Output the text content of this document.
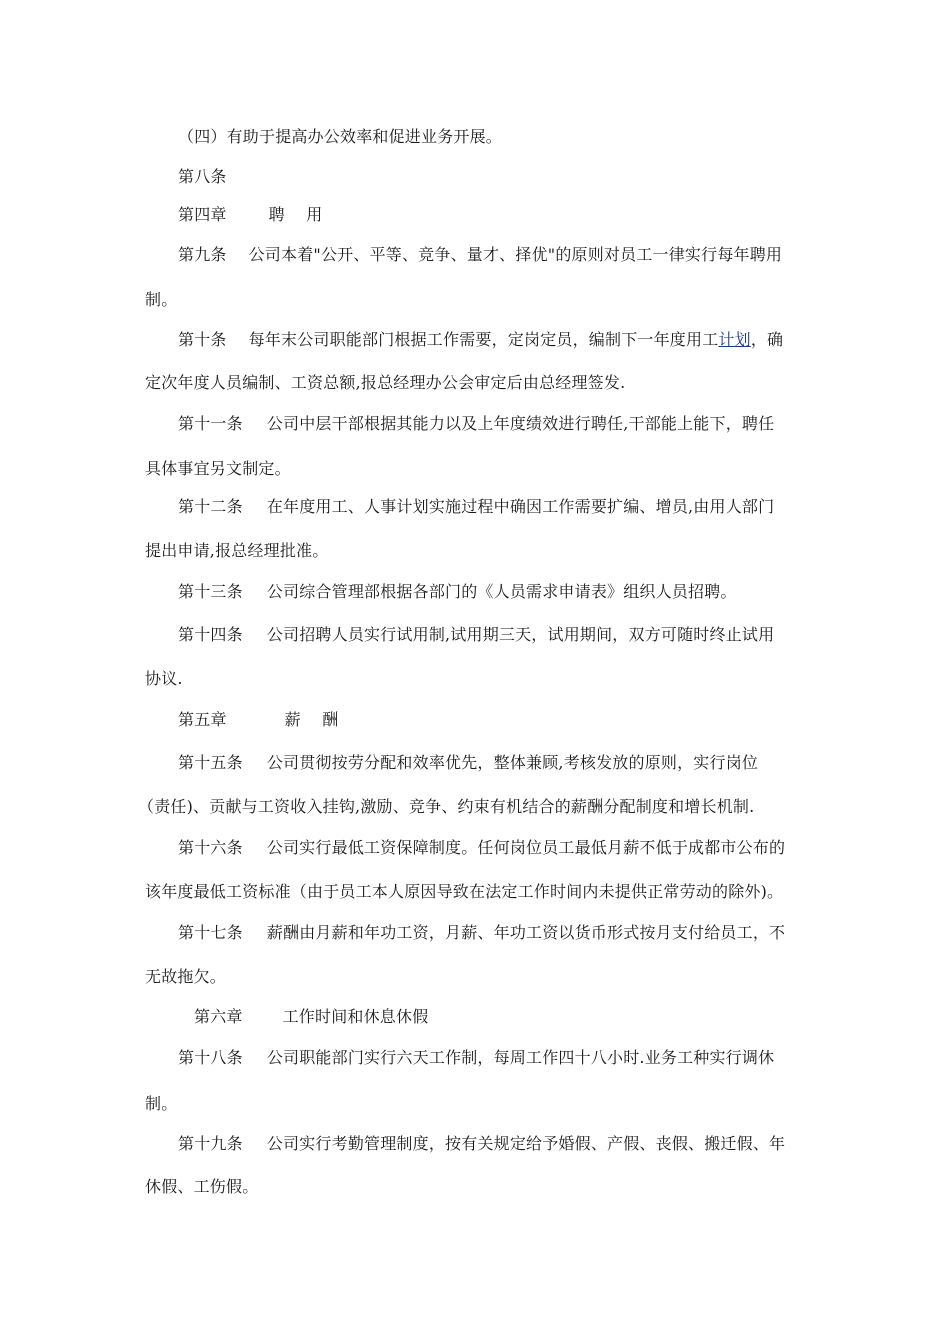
（四）有助于提高办公效率和促进业务开展。
第八条
第四章	聘　 用
第九条 公司本着"公开、平等、竞争、量才、择优"的原则对员工一律实行每年聘用
制。
第十条 每年末公司职能部门根据工作需要，定岗定员，编制下一年度用工计划，确
定次年度人员编制、工资总额,报总经理办公会审定后由总经理签发.
第十一条 公司中层干部根据其能力以及上年度绩效进行聘任,干部能上能下，聘任
具体事宜另文制定。
第十二条 在年度用工、人事计划实施过程中确因工作需要扩编、增员,由用人部门
提出申请,报总经理批准。
第十三条 公司综合管理部根据各部门的《人员需求申请表》组织人员招聘。
第十四条 公司招聘人员实行试用制,试用期三天，试用期间，双方可随时终止试用
协议.
第五章	薪　 酬
第十五条 公司贯彻按劳分配和效率优先，整体兼顾,考核发放的原则，实行岗位
（责任)、贡献与工资收入挂钩,激励、竞争、约束有机结合的薪酬分配制度和增长机制.
第十六条 公司实行最低工资保障制度。任何岗位员工最低月薪不低于成都市公布的
该年度最低工资标准（由于员工本人原因导致在法定工作时间内未提供正常劳动的除外)。
第十七条 薪酬由月薪和年功工资，月薪、年功工资以货币形式按月支付给员工，不
无故拖欠。
第六章	工作时间和休息休假
第十八条 公司职能部门实行六天工作制，每周工作四十八小时.业务工种实行调休
制。
第十九条 公司实行考勤管理制度，按有关规定给予婚假、产假、丧假、搬迁假、年
休假、工伤假。
